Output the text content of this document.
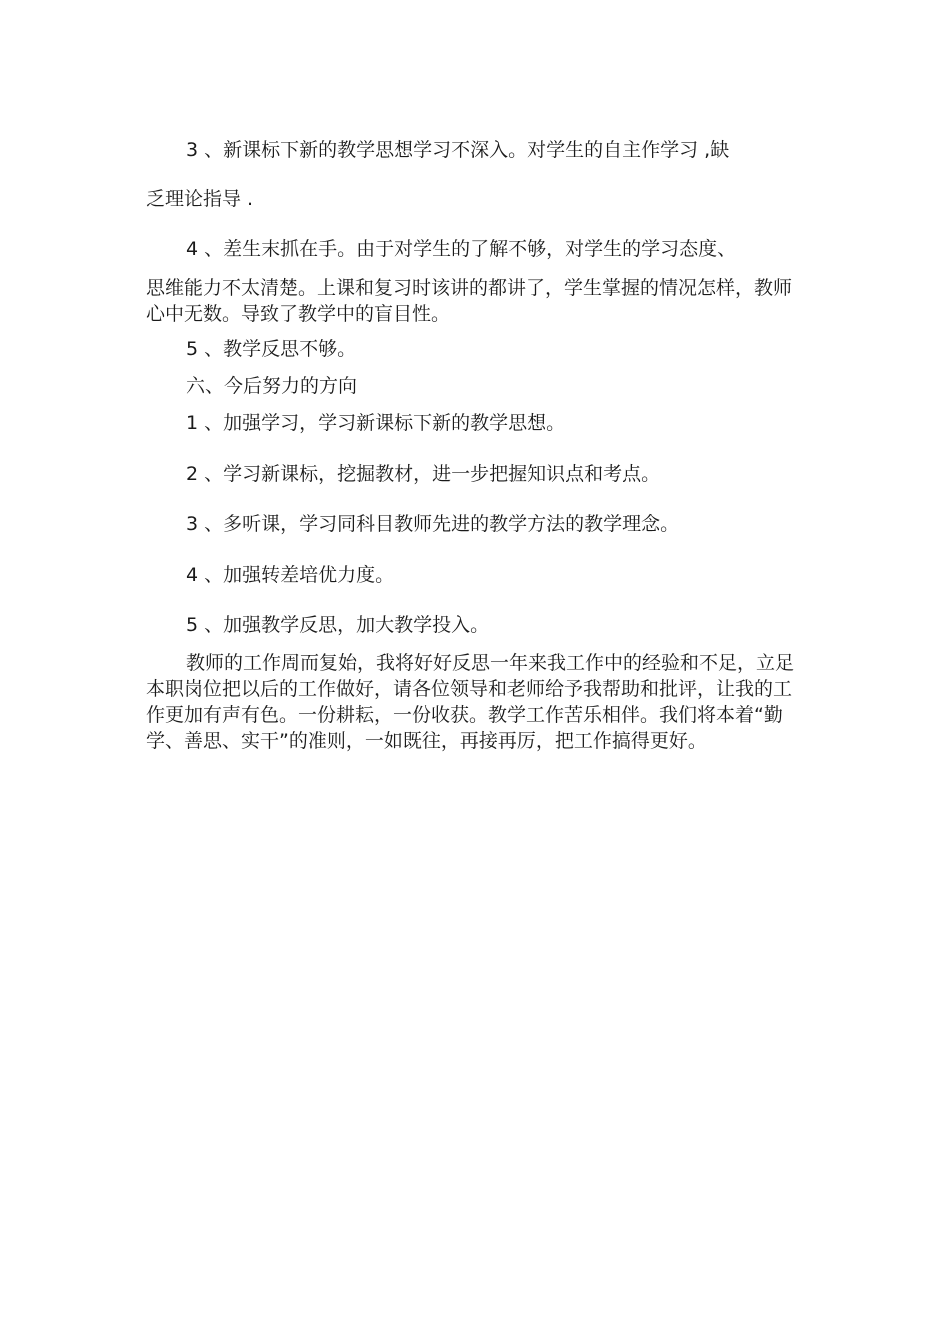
3 、新课标下新的教学思想学习不深入。对学生的自主作学习 ,缺

乏理论指导 .

4 、差生末抓在手。由于对学生的了解不够，对学生的学习态度、

思维能力不太清楚。上课和复习时该讲的都讲了，学生掌握的情况怎样，教师心中无数。导致了教学中的盲目性。

5 、教学反思不够。

六、今后努力的方向

1 、加强学习，学习新课标下新的教学思想。

2 、学习新课标，挖掘教材，进一步把握知识点和考点。

3 、多听课，学习同科目教师先进的教学方法的教学理念。

4 、加强转差培优力度。

5 、加强教学反思，加大教学投入。

教师的工作周而复始，我将好好反思一年来我工作中的经验和不足，立足本职岗位把以后的工作做好，请各位领导和老师给予我帮助和批评，让我的工作更加有声有色。一份耕耘，一份收获。教学工作苦乐相伴。我们将本着“勤学、善思、实干”的准则，一如既往，再接再厉，把工作搞得更好。
